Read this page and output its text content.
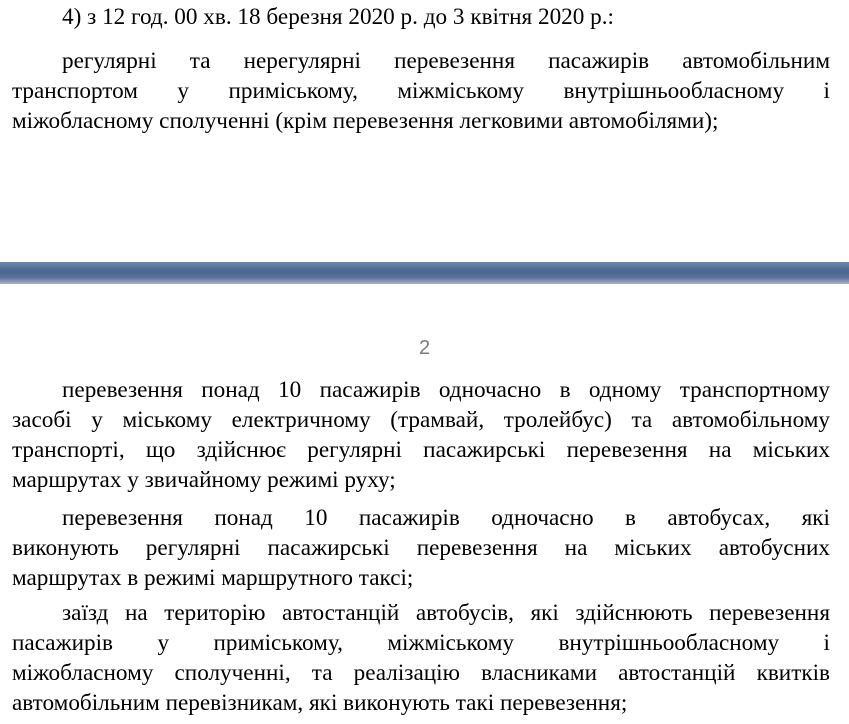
4) з 12 год. 00 хв. 18 березня 2020 р. до 3 квітня 2020 р.:

регулярні та нерегулярні перевезення пасажирів автомобільним
транспортом у приміському, міжміському внутрішньообласному і
міжобласному сполученні (крім перевезення легковими автомобілями);

2

перевезення понад 10 пасажирів одночасно в одному транспортному
засобі у міському електричному (трамвай, тролейбус) та автомобільному
транспорті, що здійснює регулярні пасажирські перевезення на міських
маршрутах у звичайному режимі руху;

перевезення понад 10 пасажирів одночасно в автобусах, які
виконують регулярні пасажирські перевезення на міських автобусних
маршрутах в режимі маршрутного таксі;

заїзд на територію автостанцій автобусів, які здійснюють перевезення
пасажирів у приміському, міжміському внутрішньообласному і
міжобласному сполученні, та реалізацію власниками автостанцій квитків
автомобільним перевізникам, які виконують такі перевезення;
